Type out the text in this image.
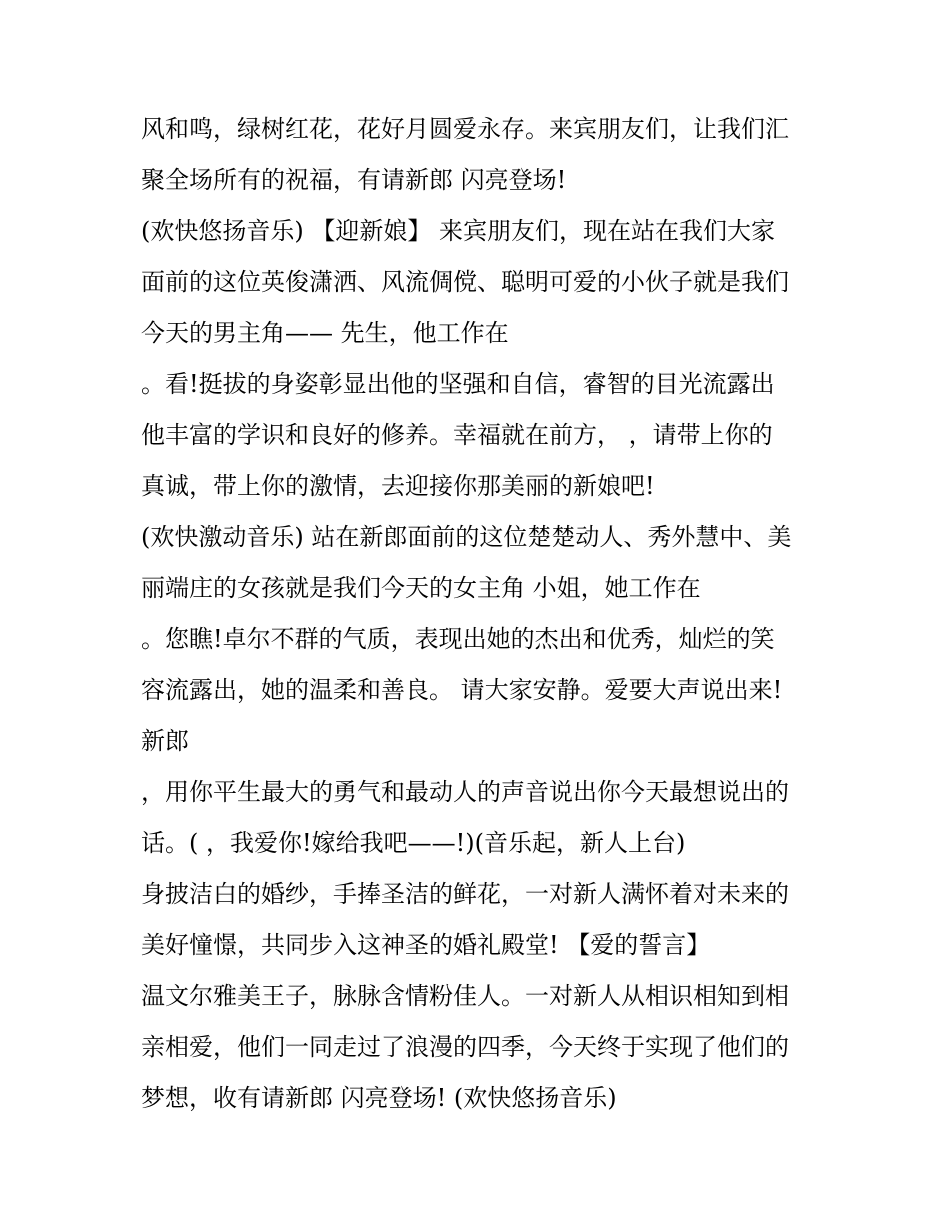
风和鸣，绿树红花，花好月圆爱永存。来宾朋友们，让我们汇
聚全场所有的祝福，有请新郎 闪亮登场!
(欢快悠扬音乐) 【迎新娘】 来宾朋友们，现在站在我们大家
面前的这位英俊潇洒、风流倜傥、聪明可爱的小伙子就是我们
今天的男主角—— 先生，他工作在
。看!挺拔的身姿彰显出他的坚强和自信，睿智的目光流露出
他丰富的学识和良好的修养。幸福就在前方， ，请带上你的
真诚，带上你的激情，去迎接你那美丽的新娘吧!
(欢快激动音乐) 站在新郎面前的这位楚楚动人、秀外慧中、美
丽端庄的女孩就是我们今天的女主角 小姐，她工作在
。您瞧!卓尔不群的气质，表现出她的杰出和优秀，灿烂的笑
容流露出，她的温柔和善良。 请大家安静。爱要大声说出来!
新郎
，用你平生最大的勇气和最动人的声音说出你今天最想说出的
话。( ，我爱你!嫁给我吧——!)(音乐起，新人上台)
身披洁白的婚纱，手捧圣洁的鲜花，一对新人满怀着对未来的
美好憧憬，共同步入这神圣的婚礼殿堂! 【爱的誓言】
温文尔雅美王子，脉脉含情粉佳人。一对新人从相识相知到相
亲相爱，他们一同走过了浪漫的四季，今天终于实现了他们的
梦想，收有请新郎 闪亮登场! (欢快悠扬音乐)
